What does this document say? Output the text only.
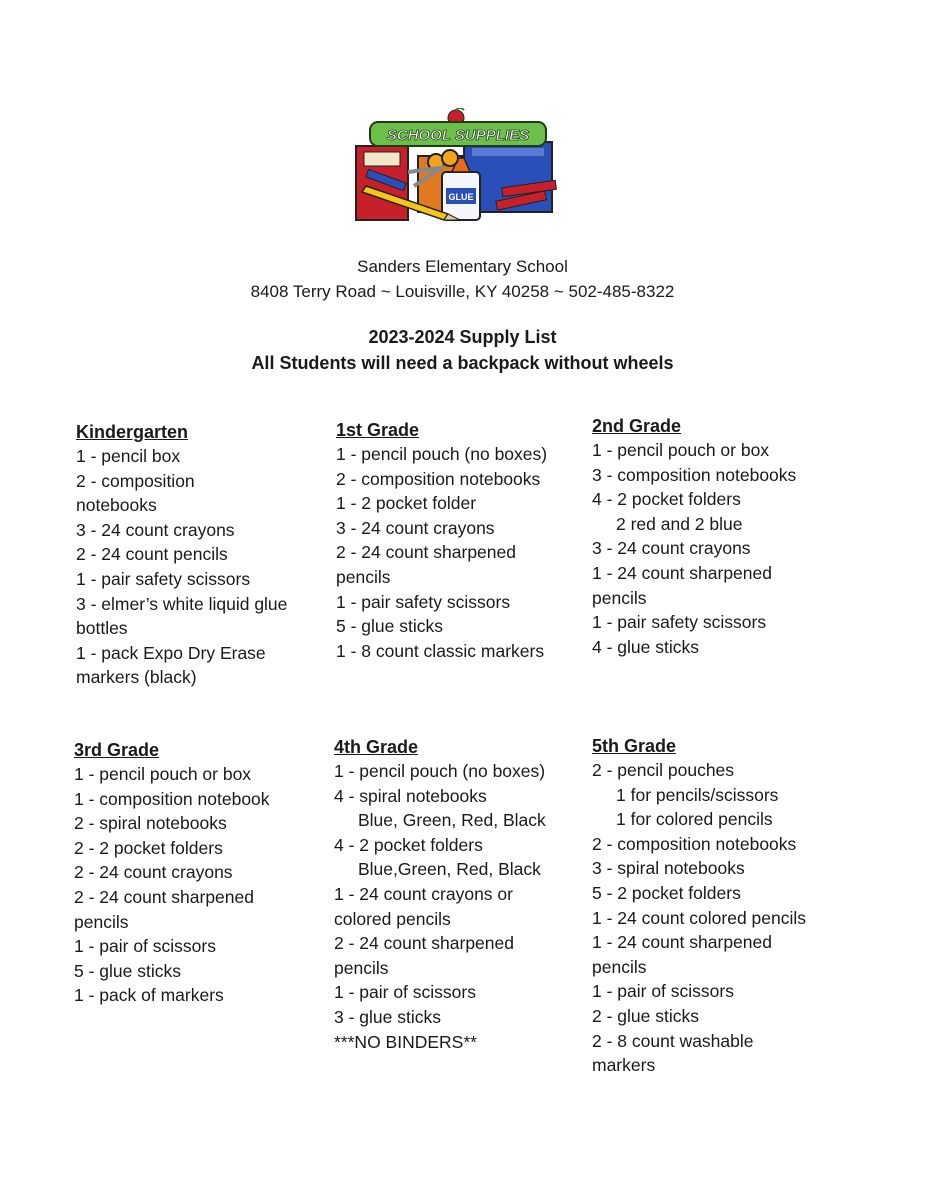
GLUE
SCHOOL SUPPLIES
Sanders Elementary School
8408 Terry Road ~ Louisville, KY 40258 ~ 502-485-8322
2023-2024 Supply List
All Students will need a backpack without wheels
Kindergarten
1 - pencil box
2 - composition
notebooks
3 - 24 count crayons
2 - 24 count pencils
1 - pair safety scissors
3 - elmer’s white liquid glue
bottles
1 - pack Expo Dry Erase
markers (black)
1st Grade
1 - pencil pouch (no boxes)
2 - composition notebooks
1 - 2 pocket folder
3 - 24 count crayons
2 - 24 count sharpened
pencils
1 - pair safety scissors
5 - glue sticks
1 - 8 count classic markers
2nd Grade
1 - pencil pouch or box
3 - composition notebooks
4 - 2 pocket folders
2 red and 2 blue
3 - 24 count crayons
1 - 24 count sharpened
pencils
1 - pair safety scissors
4 - glue sticks
3rd Grade
1 - pencil pouch or box
1 - composition notebook
2 - spiral notebooks
2 - 2 pocket folders
2 - 24 count crayons
2 - 24 count sharpened
pencils
1 - pair of scissors
5 - glue sticks
1 - pack of markers
4th Grade
1 - pencil pouch (no boxes)
4 - spiral notebooks
Blue, Green, Red, Black
4 - 2 pocket folders
Blue,Green, Red, Black
1 - 24 count crayons or
colored pencils
2 - 24 count sharpened
pencils
1 - pair of scissors
3 - glue sticks
***NO BINDERS**
5th Grade
2 - pencil pouches
1 for pencils/scissors
1 for colored pencils
2 - composition notebooks
3 - spiral notebooks
5 - 2 pocket folders
1 - 24 count colored pencils
1 - 24 count sharpened
pencils
1 - pair of scissors
2 - glue sticks
2 - 8 count washable
markers
